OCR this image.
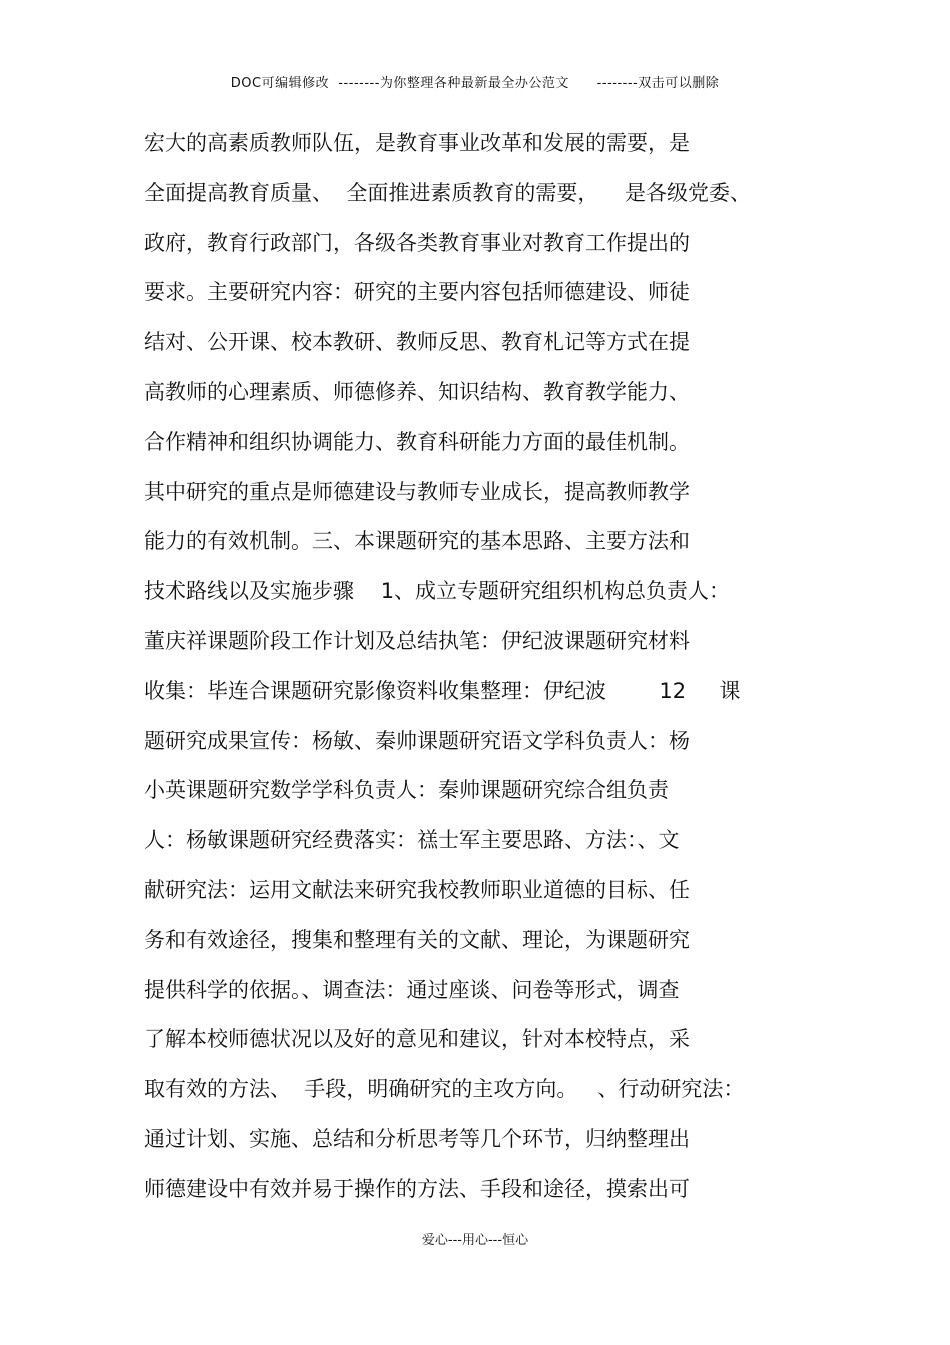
DOC可编辑修改  --------为你整理各种最新最全办公范文      --------双击可以删除
宏大的高素质教师队伍，是教育事业改革和发展的需要，是
全面提高教育质量、  全面推进素质教育的需要，    是各级党委、
政府，教育行政部门，各级各类教育事业对教育工作提出的
要求。主要研究内容：研究的主要内容包括师德建设、师徒
结对、公开课、校本教研、教师反思、教育札记等方式在提
高教师的心理素质、师德修养、知识结构、教育教学能力、
合作精神和组织协调能力、教育科研能力方面的最佳机制。
其中研究的重点是师德建设与教师专业成长，提高教师教学
能力的有效机制。三、本课题研究的基本思路、主要方法和
技术路线以及实施步骤    1、成立专题研究组织机构总负责人：
董庆祥课题阶段工作计划及总结执笔：伊纪波课题研究材料
收集：毕连合课题研究影像资料收集整理：伊纪波        12     课
题研究成果宣传：杨敏、秦帅课题研究语文学科负责人：杨
小英课题研究数学学科负责人：秦帅课题研究综合组负责
人：杨敏课题研究经费落实：禚士军主要思路、方法：、文
献研究法：运用文献法来研究我校教师职业道德的目标、任
务和有效途径，搜集和整理有关的文献、理论，为课题研究
提供科学的依据。、调查法：通过座谈、问卷等形式，调查
了解本校师德状况以及好的意见和建议，针对本校特点，采
取有效的方法、  手段，明确研究的主攻方向。   、行动研究法：
通过计划、实施、总结和分析思考等几个环节，归纳整理出
师德建设中有效并易于操作的方法、手段和途径，摸索出可
爱心---用心---恒心
